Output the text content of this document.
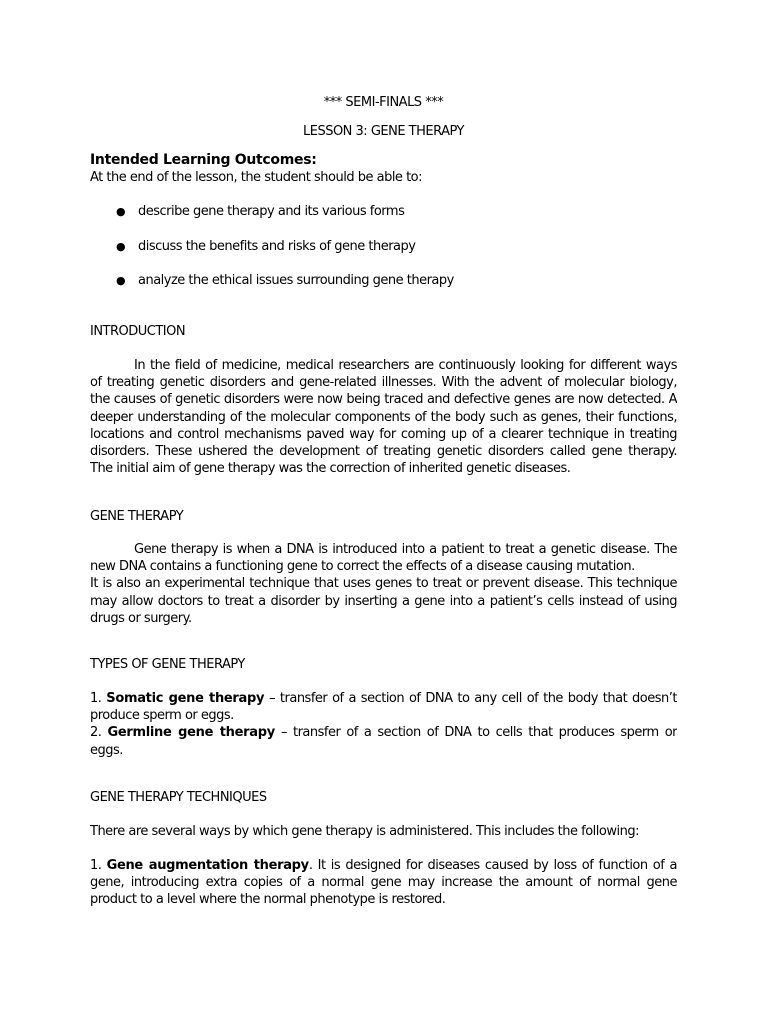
*** SEMI-FINALS ***
LESSON 3: GENE THERAPY
Intended Learning Outcomes:
At the end of the lesson, the student should be able to:
● describe gene therapy and its various forms
● discuss the benefits and risks of gene therapy
● analyze the ethical issues surrounding gene therapy
INTRODUCTION
In the field of medicine, medical researchers are continuously looking for different ways
of treating genetic disorders and gene-related illnesses. With the advent of molecular biology,
the causes of genetic disorders were now being traced and defective genes are now detected. A
deeper understanding of the molecular components of the body such as genes, their functions,
locations and control mechanisms paved way for coming up of a clearer technique in treating
disorders. These ushered the development of treating genetic disorders called gene therapy.
The initial aim of gene therapy was the correction of inherited genetic diseases.
GENE THERAPY
Gene therapy is when a DNA is introduced into a patient to treat a genetic disease. The
new DNA contains a functioning gene to correct the effects of a disease causing mutation.
It is also an experimental technique that uses genes to treat or prevent disease. This technique
may allow doctors to treat a disorder by inserting a gene into a patient’s cells instead of using
drugs or surgery.
TYPES OF GENE THERAPY
1. Somatic gene therapy – transfer of a section of DNA to any cell of the body that doesn’t
produce sperm or eggs.
2. Germline gene therapy – transfer of a section of DNA to cells that produces sperm or
eggs.
GENE THERAPY TECHNIQUES
There are several ways by which gene therapy is administered. This includes the following:
1. Gene augmentation therapy. It is designed for diseases caused by loss of function of a
gene, introducing extra copies of a normal gene may increase the amount of normal gene
product to a level where the normal phenotype is restored.
